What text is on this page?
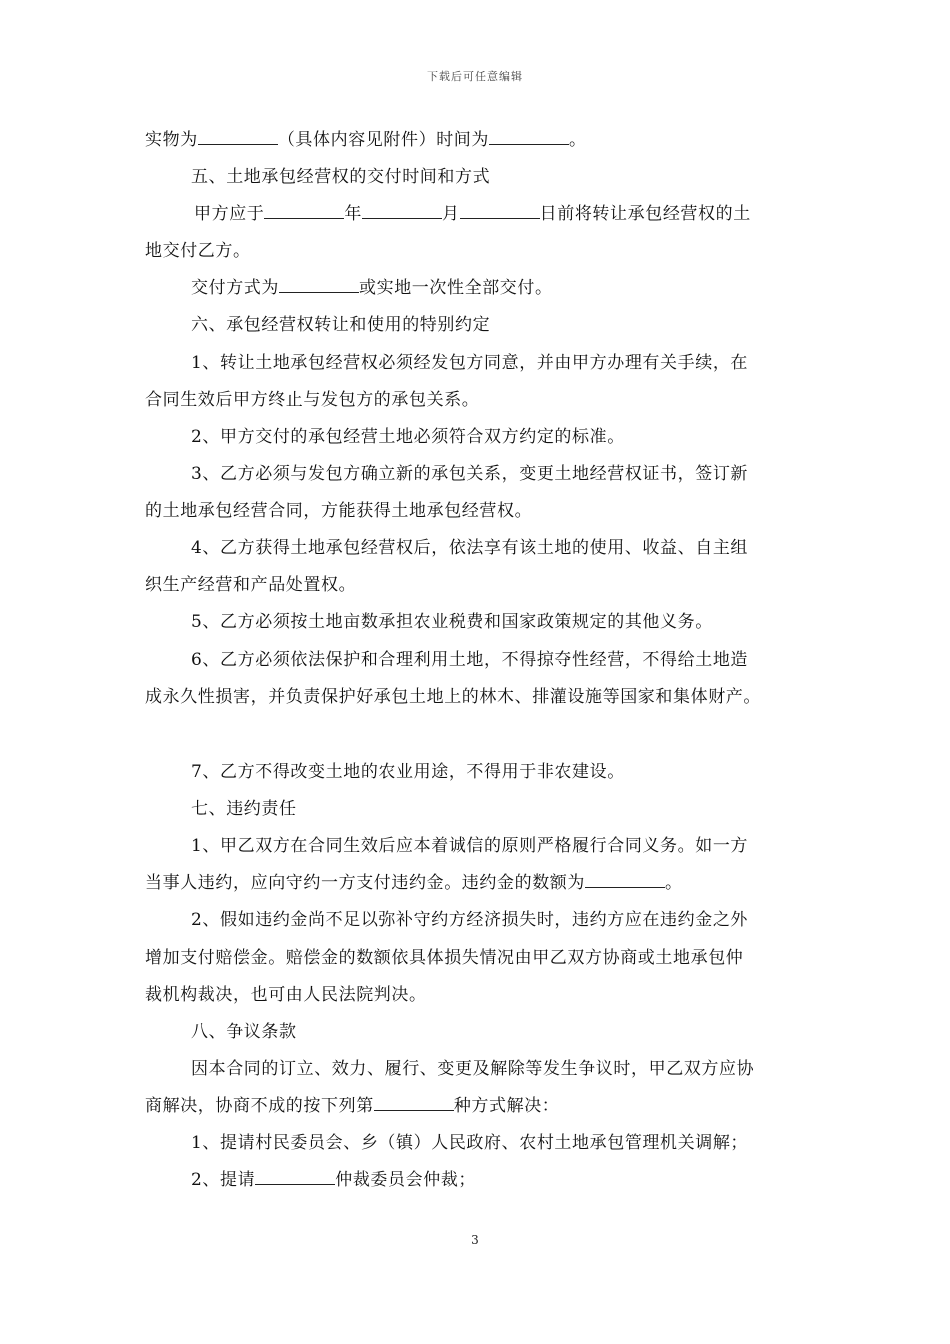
下载后可任意编辑
实物为	（具体内容见附件）时间为	。
五、土地承包经营权的交付时间和方式
甲方应于	年	月	日前将转让承包经营权的土
地交付乙方。
交付方式为	或实地一次性全部交付。
六、承包经营权转让和使用的特别约定
1、转让土地承包经营权必须经发包方同意，并由甲方办理有关手续，在
合同生效后甲方终止与发包方的承包关系。
2、甲方交付的承包经营土地必须符合双方约定的标准。
3、乙方必须与发包方确立新的承包关系，变更土地经营权证书，签订新
的土地承包经营合同，方能获得土地承包经营权。
4、乙方获得土地承包经营权后，依法享有该土地的使用、收益、自主组
织生产经营和产品处置权。
5、乙方必须按土地亩数承担农业税费和国家政策规定的其他义务。
6、乙方必须依法保护和合理利用土地，不得掠夺性经营，不得给土地造
成永久性损害，并负责保护好承包土地上的林木、排灌设施等国家和集体财产。
7、乙方不得改变土地的农业用途，不得用于非农建设。
七、违约责任
1、甲乙双方在合同生效后应本着诚信的原则严格履行合同义务。如一方
当事人违约，应向守约一方支付违约金。违约金的数额为	。
2、假如违约金尚不足以弥补守约方经济损失时，违约方应在违约金之外
增加支付赔偿金。赔偿金的数额依具体损失情况由甲乙双方协商或土地承包仲
裁机构裁决，也可由人民法院判决。
八、争议条款
因本合同的订立、效力、履行、变更及解除等发生争议时，甲乙双方应协
商解决，协商不成的按下列第	种方式解决：
1、提请村民委员会、乡（镇）人民政府、农村土地承包管理机关调解；
2、提请	仲裁委员会仲裁；
3
